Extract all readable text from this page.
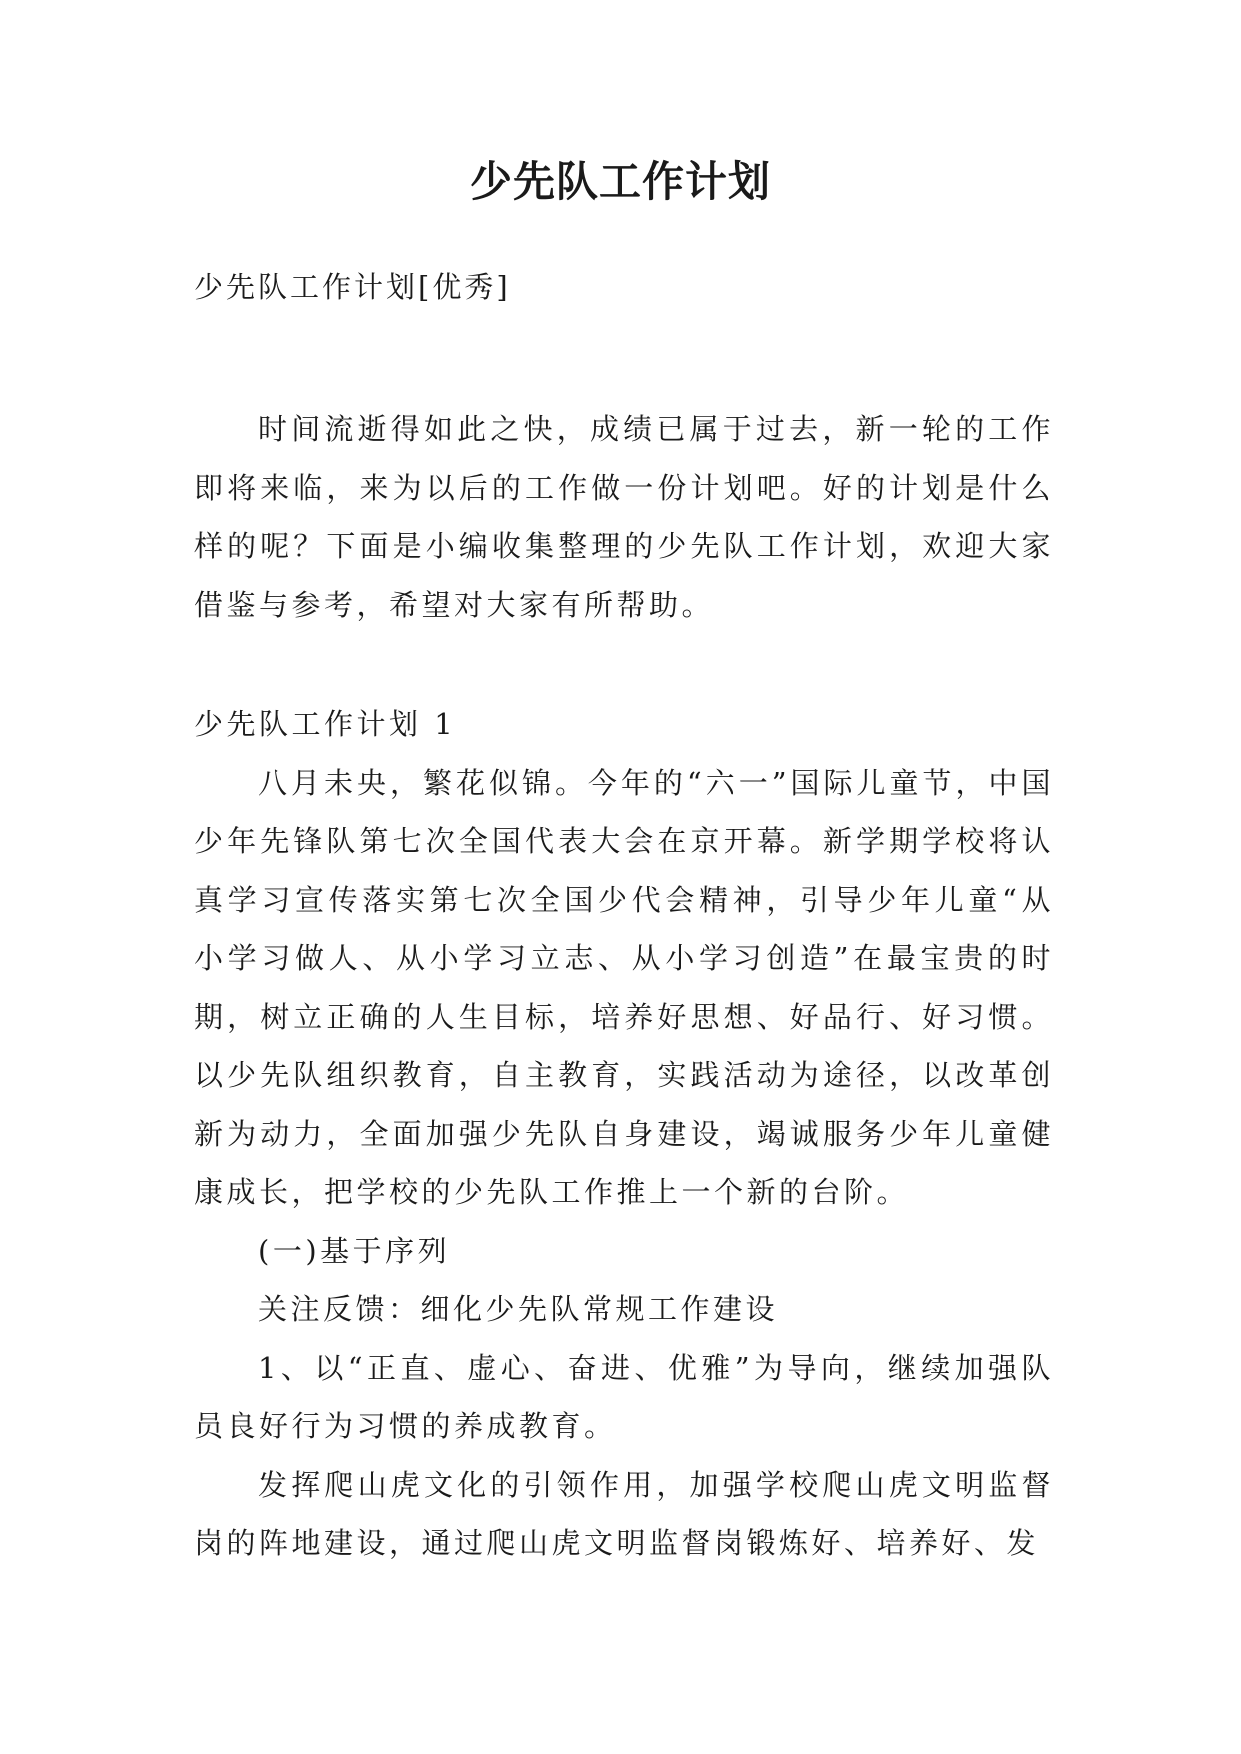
少先队工作计划

少先队工作计划[优秀]

时间流逝得如此之快，成绩已属于过去，新一轮的工作即将来临，来为以后的工作做一份计划吧。好的计划是什么样的呢？下面是小编收集整理的少先队工作计划，欢迎大家借鉴与参考，希望对大家有所帮助。

少先队工作计划 1

八月未央，繁花似锦。今年的“六一”国际儿童节，中国少年先锋队第七次全国代表大会在京开幕。新学期学校将认真学习宣传落实第七次全国少代会精神，引导少年儿童“从小学习做人、从小学习立志、从小学习创造”在最宝贵的时期，树立正确的人生目标，培养好思想、好品行、好习惯。以少先队组织教育，自主教育，实践活动为途径，以改革创新为动力，全面加强少先队自身建设，竭诚服务少年儿童健康成长，把学校的少先队工作推上一个新的台阶。

(一)基于序列

关注反馈：细化少先队常规工作建设

1、以“正直、虚心、奋进、优雅”为导向，继续加强队员良好行为习惯的养成教育。

发挥爬山虎文化的引领作用，加强学校爬山虎文明监督岗的阵地建设，通过爬山虎文明监督岗锻炼好、培养好、发
